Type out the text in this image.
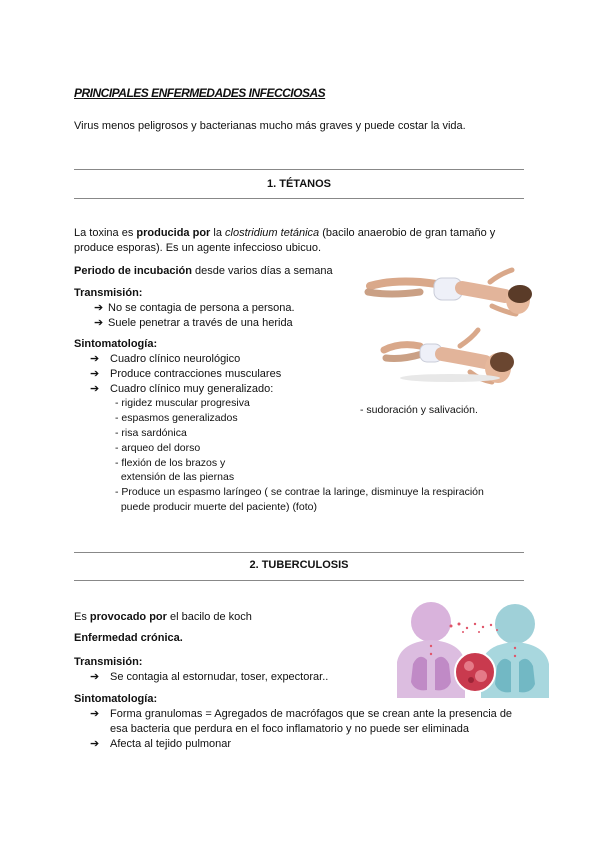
PRINCIPALES ENFERMEDADES INFECCIOSAS
Virus menos peligrosos y bacterianas mucho más graves y puede costar la vida.
1. TÉTANOS
La toxina es producida por la clostridium tetánica (bacilo anaerobio de gran tamaño y produce esporas). Es un agente infeccioso ubicuo.
Periodo de incubación desde varios días a semana
Transmisión:
➔ No se contagia de persona a persona.
➔ Suele penetrar a través de una herida
Sintomatología:
➔ Cuadro clínico neurológico
➔ Produce contracciones musculares
➔ Cuadro clínico muy generalizado:
- rigidez muscular progresiva
- espasmos generalizados
- risa sardónica
- arqueo del dorso
- flexión de los brazos y
extensión de las piernas
- Produce un espasmo laríngeo ( se contrae la laringe, disminuye la respiración
puede producir muerte del paciente) (foto)
- sudoración y salivación.
2. TUBERCULOSIS
Es provocado por el bacilo de koch
Enfermedad crónica.
Transmisión:
➔ Se contagia al estornudar, toser, expectorar..
Sintomatología:
➔ Forma granulomas = Agregados de macrófagos que se crean ante la presencia de
esa bacteria que perdura en el foco inflamatorio y no puede ser eliminada
➔ Afecta al tejido pulmonar
